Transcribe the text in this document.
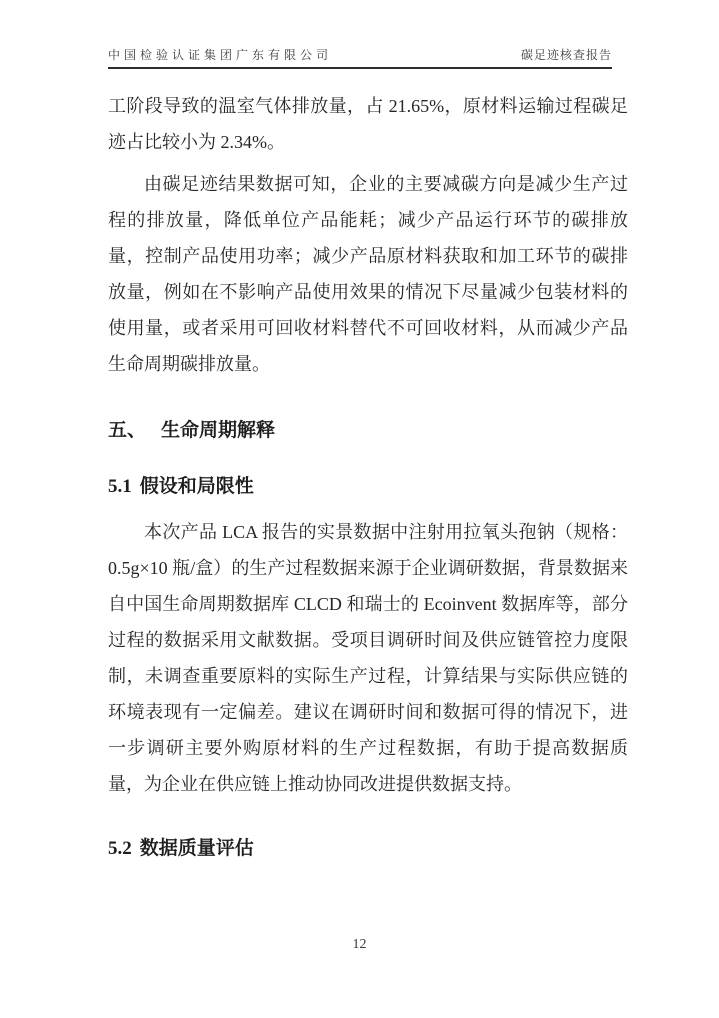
中国检验认证集团广东有限公司	碳足迹核查报告

工阶段导致的温室气体排放量，占 21.65%，原材料运输过程碳足迹占比较小为 2.34%。

由碳足迹结果数据可知，企业的主要减碳方向是减少生产过程的排放量，降低单位产品能耗；减少产品运行环节的碳排放量，控制产品使用功率；减少产品原材料获取和加工环节的碳排放量，例如在不影响产品使用效果的情况下尽量减少包装材料的使用量，或者采用可回收材料替代不可回收材料，从而减少产品生命周期碳排放量。

五、 生命周期解释
5.1 假设和局限性

本次产品 LCA 报告的实景数据中注射用拉氧头孢钠（规格：0.5g×10 瓶/盒）的生产过程数据来源于企业调研数据，背景数据来自中国生命周期数据库 CLCD 和瑞士的 Ecoinvent 数据库等，部分过程的数据采用文献数据。受项目调研时间及供应链管控力度限制，未调查重要原料的实际生产过程，计算结果与实际供应链的环境表现有一定偏差。建议在调研时间和数据可得的情况下，进一步调研主要外购原材料的生产过程数据，有助于提高数据质量，为企业在供应链上推动协同改进提供数据支持。

5.2 数据质量评估
12
